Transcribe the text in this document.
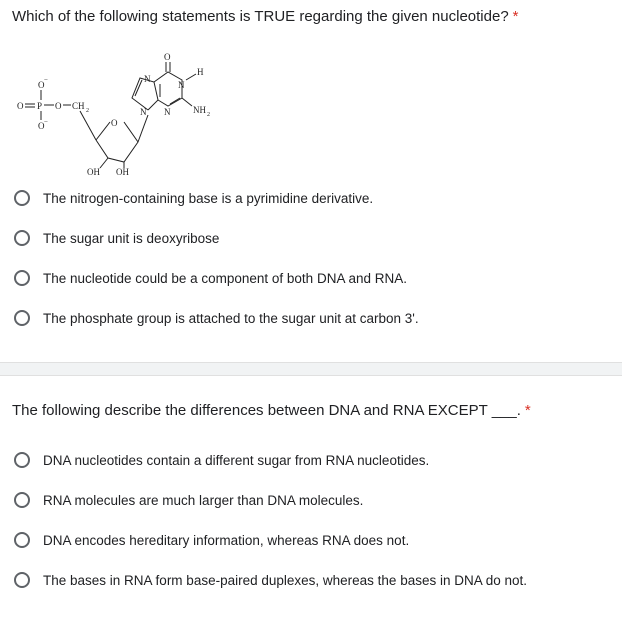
Which of the following statements is TRUE regarding the given nucleotide? *
O −
O P O CH 2
O −	O
OH OH
N
N N
N
H
O
NH 2
The nitrogen-containing base is a pyrimidine derivative.
The sugar unit is deoxyribose
The nucleotide could be a component of both DNA and RNA.
The phosphate group is attached to the sugar unit at carbon 3'.
The following describe the differences between DNA and RNA EXCEPT ___. *
DNA nucleotides contain a different sugar from RNA nucleotides.
RNA molecules are much larger than DNA molecules.
DNA encodes hereditary information, whereas RNA does not.
The bases in RNA form base-paired duplexes, whereas the bases in DNA do not.
